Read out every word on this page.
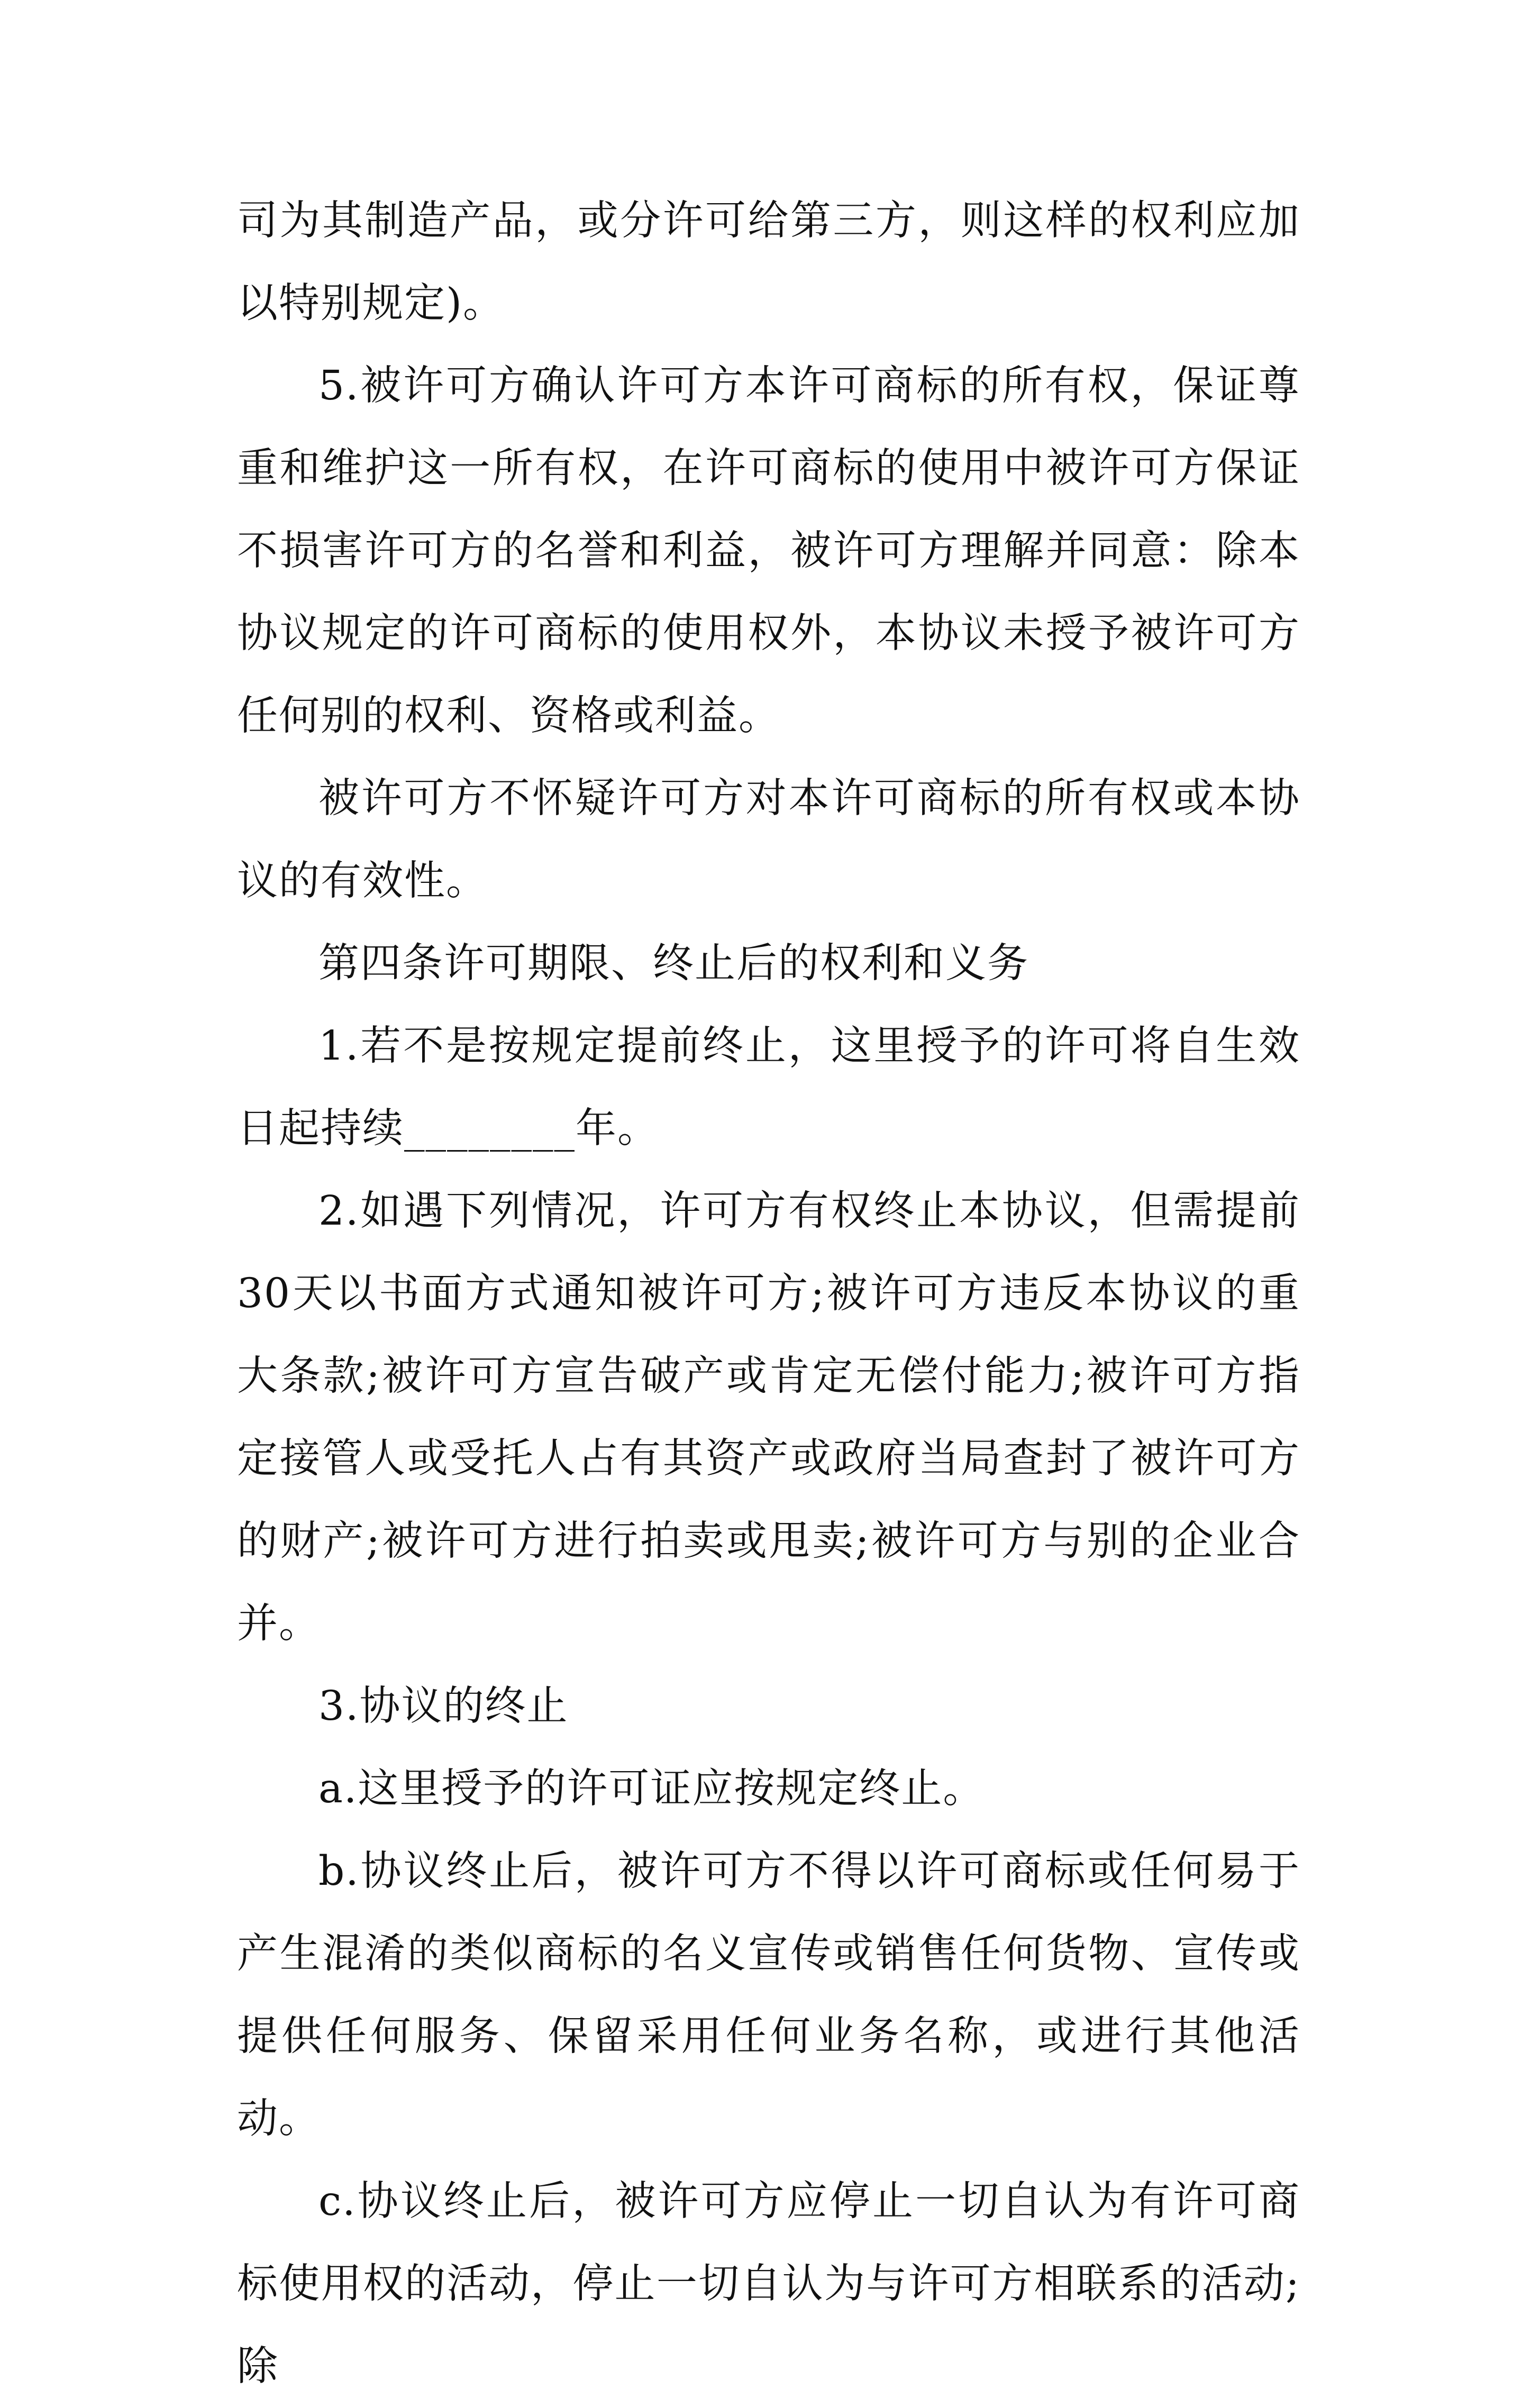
司为其制造产品，或分许可给第三方，则这样的权利应加以特别规定)。

5.被许可方确认许可方本许可商标的所有权，保证尊重和维护这一所有权，在许可商标的使用中被许可方保证不损害许可方的名誉和利益，被许可方理解并同意：除本协议规定的许可商标的使用权外，本协议未授予被许可方任何别的权利、资格或利益。

被许可方不怀疑许可方对本许可商标的所有权或本协议的有效性。

第四条许可期限、终止后的权利和义务

1.若不是按规定提前终止，这里授予的许可将自生效日起持续________年。

2.如遇下列情况，许可方有权终止本协议，但需提前30天以书面方式通知被许可方;被许可方违反本协议的重大条款;被许可方宣告破产或肯定无偿付能力;被许可方指定接管人或受托人占有其资产或政府当局查封了被许可方的财产;被许可方进行拍卖或甩卖;被许可方与别的企业合并。

3.协议的终止

a.这里授予的许可证应按规定终止。

b.协议终止后，被许可方不得以许可商标或任何易于产生混淆的类似商标的名义宣传或销售任何货物、宣传或提供任何服务、保留采用任何业务名称，或进行其他活动。

c.协议终止后，被许可方应停止一切自认为有许可商标使用权的活动，停止一切自认为与许可方相联系的活动;除
